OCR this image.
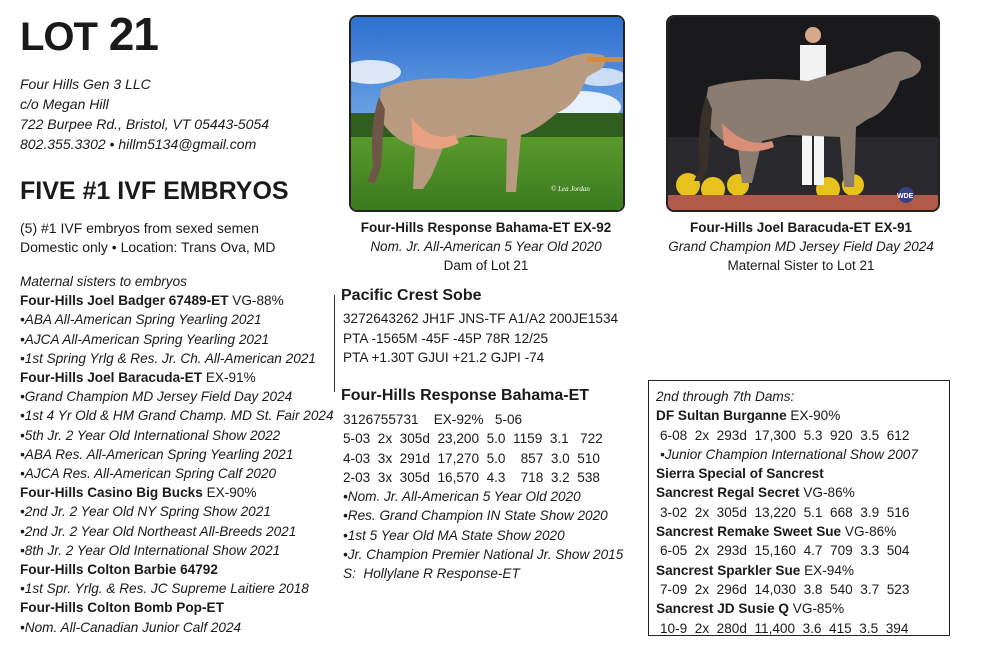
LOT 21
Four Hills Gen 3 LLC
c/o Megan Hill
722 Burpee Rd., Bristol, VT 05443-5054
802.355.3302 • hillm5134@gmail.com
FIVE #1 IVF EMBRYOS
(5) #1 IVF embryos from sexed semen
Domestic only • Location: Trans Ova, MD
Maternal sisters to embryos
Four-Hills Joel Badger 67489-ET VG-88%
•ABA All-American Spring Yearling 2021
•AJCA All-American Spring Yearling 2021
•1st Spring Yrlg & Res. Jr. Ch. All-American 2021
Four-Hills Joel Baracuda-ET EX-91%
•Grand Champion MD Jersey Field Day 2024
•1st 4 Yr Old & HM Grand Champ. MD St. Fair 2024
•5th Jr. 2 Year Old International Show 2022
•ABA Res. All-American Spring Yearling 2021
•AJCA Res. All-American Spring Calf 2020
Four-Hills Casino Big Bucks EX-90%
•2nd Jr. 2 Year Old NY Spring Show 2021
•2nd Jr. 2 Year Old Northeast All-Breeds 2021
•8th Jr. 2 Year Old International Show 2021
Four-Hills Colton Barbie 64792
•1st Spr. Yrlg. & Res. JC Supreme Laitiere 2018
Four-Hills Colton Bomb Pop-ET
•Nom. All-Canadian Junior Calf 2024
© Lea Jordan
Four-Hills Response Bahama-ET EX-92
Nom. Jr. All-American 5 Year Old 2020
Dam of Lot 21
WDE
Four-Hills Joel Baracuda-ET EX-91
Grand Champion MD Jersey Field Day 2024
Maternal Sister to Lot 21
Pacific Crest Sobe
3272643262 JH1F JNS-TF A1/A2 200JE1534
PTA -1565M -45F -45P 78R 12/25
PTA +1.30T GJUI +21.2 GJPI -74
Four-Hills Response Bahama-ET
3126755731    EX-92%   5-06
5-03  2x  305d  23,200  5.0  1159  3.1   722
4-03  3x  291d  17,270  5.0    857  3.0  510
2-03  3x  305d  16,570  4.3    718  3.2  538
•Nom. Jr. All-American 5 Year Old 2020
•Res. Grand Champion IN State Show 2020
•1st 5 Year Old MA State Show 2020
•Jr. Champion Premier National Jr. Show 2015
S:  Hollylane R Response-ET
2nd through 7th Dams:
DF Sultan Burganne EX-90%
6-08  2x  293d  17,300  5.3  920  3.5  612
•Junior Champion International Show 2007
Sierra Special of Sancrest
Sancrest Regal Secret VG-86%
3-02  2x  305d  13,220  5.1  668  3.9  516
Sancrest Remake Sweet Sue VG-86%
6-05  2x  293d  15,160  4.7  709  3.3  504
Sancrest Sparkler Sue EX-94%
7-09  2x  296d  14,030  3.8  540  3.7  523
Sancrest JD Susie Q VG-85%
10-9  2x  280d  11,400  3.6  415  3.5  394
